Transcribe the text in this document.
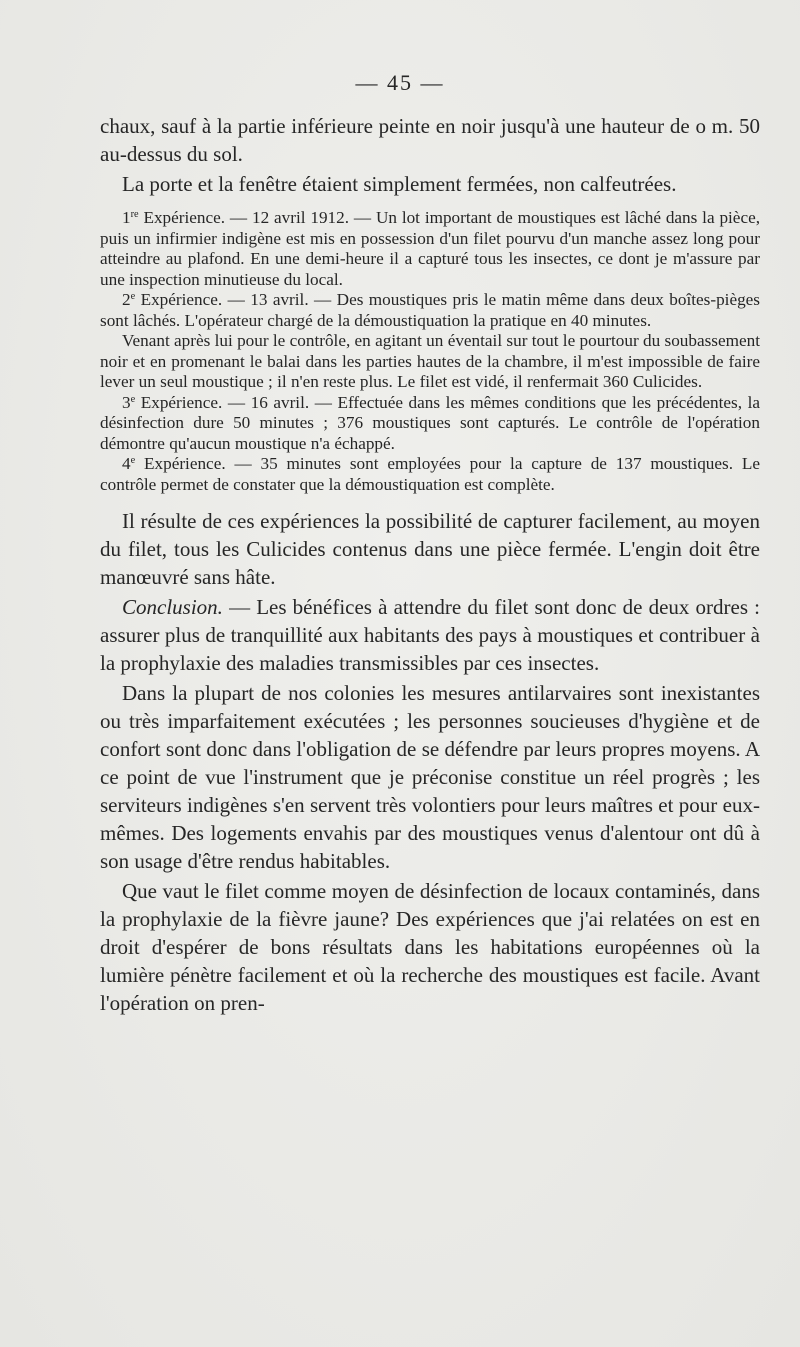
— 45 —

chaux, sauf à la partie inférieure peinte en noir jusqu'à une hauteur de o m. 50 au-dessus du sol.

La porte et la fenêtre étaient simplement fermées, non calfeutrées.

1re Expérience. — 12 avril 1912. — Un lot important de moustiques est lâché dans la pièce, puis un infirmier indigène est mis en possession d'un filet pourvu d'un manche assez long pour atteindre au plafond. En une demi-heure il a capturé tous les insectes, ce dont je m'assure par une inspection minutieuse du local.

2e Expérience. — 13 avril. — Des moustiques pris le matin même dans deux boîtes-pièges sont lâchés. L'opérateur chargé de la démoustiquation la pratique en 40 minutes.

Venant après lui pour le contrôle, en agitant un éventail sur tout le pourtour du soubassement noir et en promenant le balai dans les parties hautes de la chambre, il m'est impossible de faire lever un seul moustique ; il n'en reste plus. Le filet est vidé, il renfermait 360 Culicides.

3e Expérience. — 16 avril. — Effectuée dans les mêmes conditions que les précédentes, la désinfection dure 50 minutes ; 376 moustiques sont capturés. Le contrôle de l'opération démontre qu'aucun moustique n'a échappé.

4e Expérience. — 35 minutes sont employées pour la capture de 137 moustiques. Le contrôle permet de constater que la démoustiquation est complète.

Il résulte de ces expériences la possibilité de capturer facilement, au moyen du filet, tous les Culicides contenus dans une pièce fermée. L'engin doit être manœuvré sans hâte.

Conclusion. — Les bénéfices à attendre du filet sont donc de deux ordres : assurer plus de tranquillité aux habitants des pays à moustiques et contribuer à la prophylaxie des maladies transmissibles par ces insectes.

Dans la plupart de nos colonies les mesures antilarvaires sont inexistantes ou très imparfaitement exécutées ; les personnes soucieuses d'hygiène et de confort sont donc dans l'obligation de se défendre par leurs propres moyens. A ce point de vue l'instrument que je préconise constitue un réel progrès ; les serviteurs indigènes s'en servent très volontiers pour leurs maîtres et pour eux-mêmes. Des logements envahis par des moustiques venus d'alentour ont dû à son usage d'être rendus habitables.

Que vaut le filet comme moyen de désinfection de locaux contaminés, dans la prophylaxie de la fièvre jaune? Des expériences que j'ai relatées on est en droit d'espérer de bons résultats dans les habitations européennes où la lumière pénètre facilement et où la recherche des moustiques est facile. Avant l'opération on pren-
